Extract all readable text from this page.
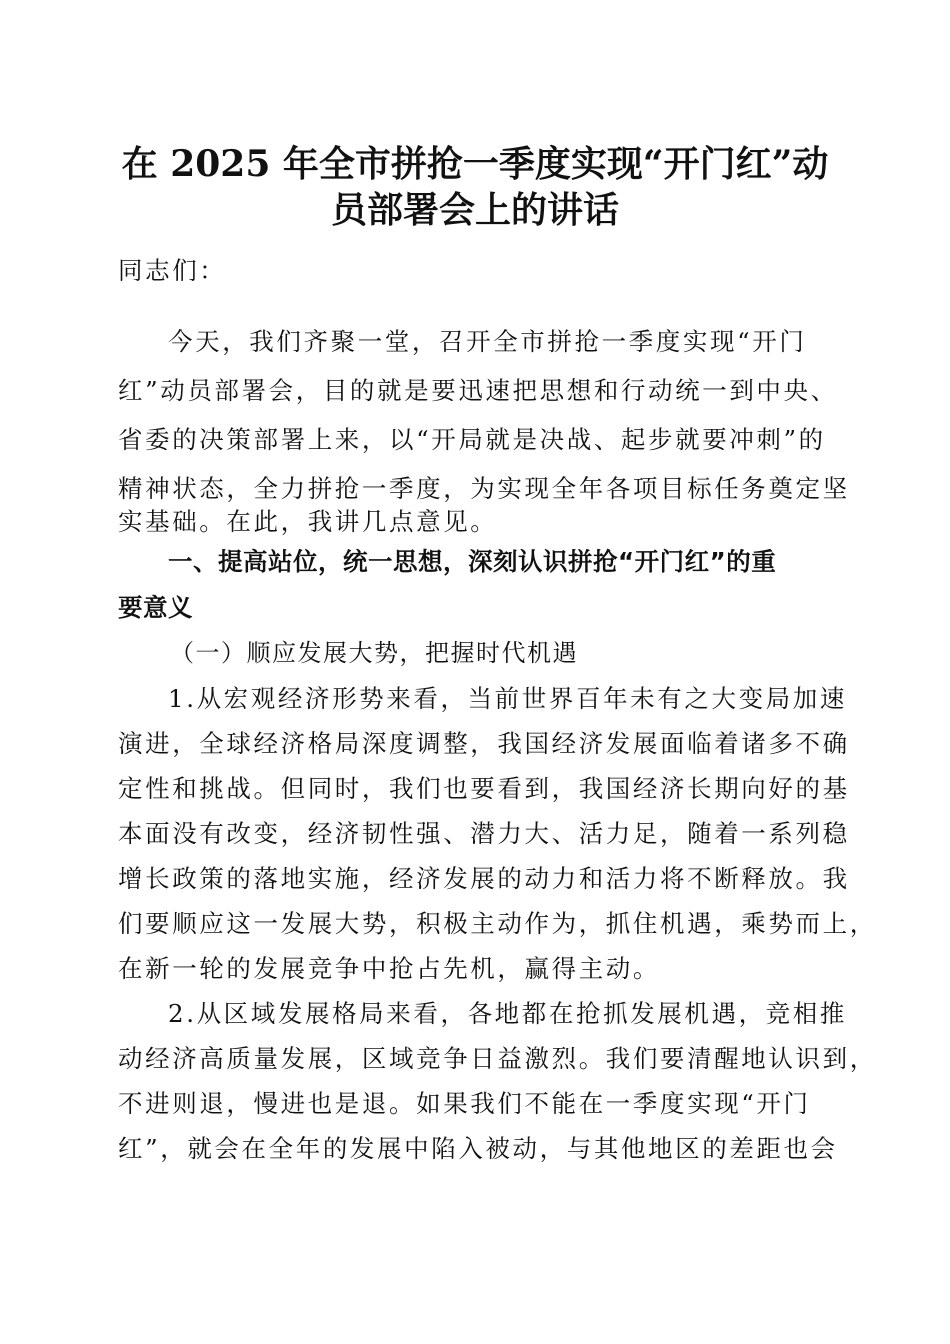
在 2025 年全市拼抢一季度实现“开门红”动
员部署会上的讲话

同志们：

今天，我们齐聚一堂，召开全市拼抢一季度实现“开门

红”动员部署会，目的就是要迅速把思想和行动统一到中央、

省委的决策部署上来，以“开局就是决战、起步就要冲刺”的

精神状态，全力拼抢一季度，为实现全年各项目标任务奠定坚

实基础。在此，我讲几点意见。

一、提高站位，统一思想，深刻认识拼抢“开门红”的重

要意义

（一）顺应发展大势，把握时代机遇

1.从宏观经济形势来看，当前世界百年未有之大变局加速

演进，全球经济格局深度调整，我国经济发展面临着诸多不确

定性和挑战。但同时，我们也要看到，我国经济长期向好的基

本面没有改变，经济韧性强、潜力大、活力足，随着一系列稳

增长政策的落地实施，经济发展的动力和活力将不断释放。我

们要顺应这一发展大势，积极主动作为，抓住机遇，乘势而上，

在新一轮的发展竞争中抢占先机，赢得主动。

2.从区域发展格局来看，各地都在抢抓发展机遇，竞相推

动经济高质量发展，区域竞争日益激烈。我们要清醒地认识到，

不进则退，慢进也是退。如果我们不能在一季度实现“开门

红”，就会在全年的发展中陷入被动，与其他地区的差距也会
